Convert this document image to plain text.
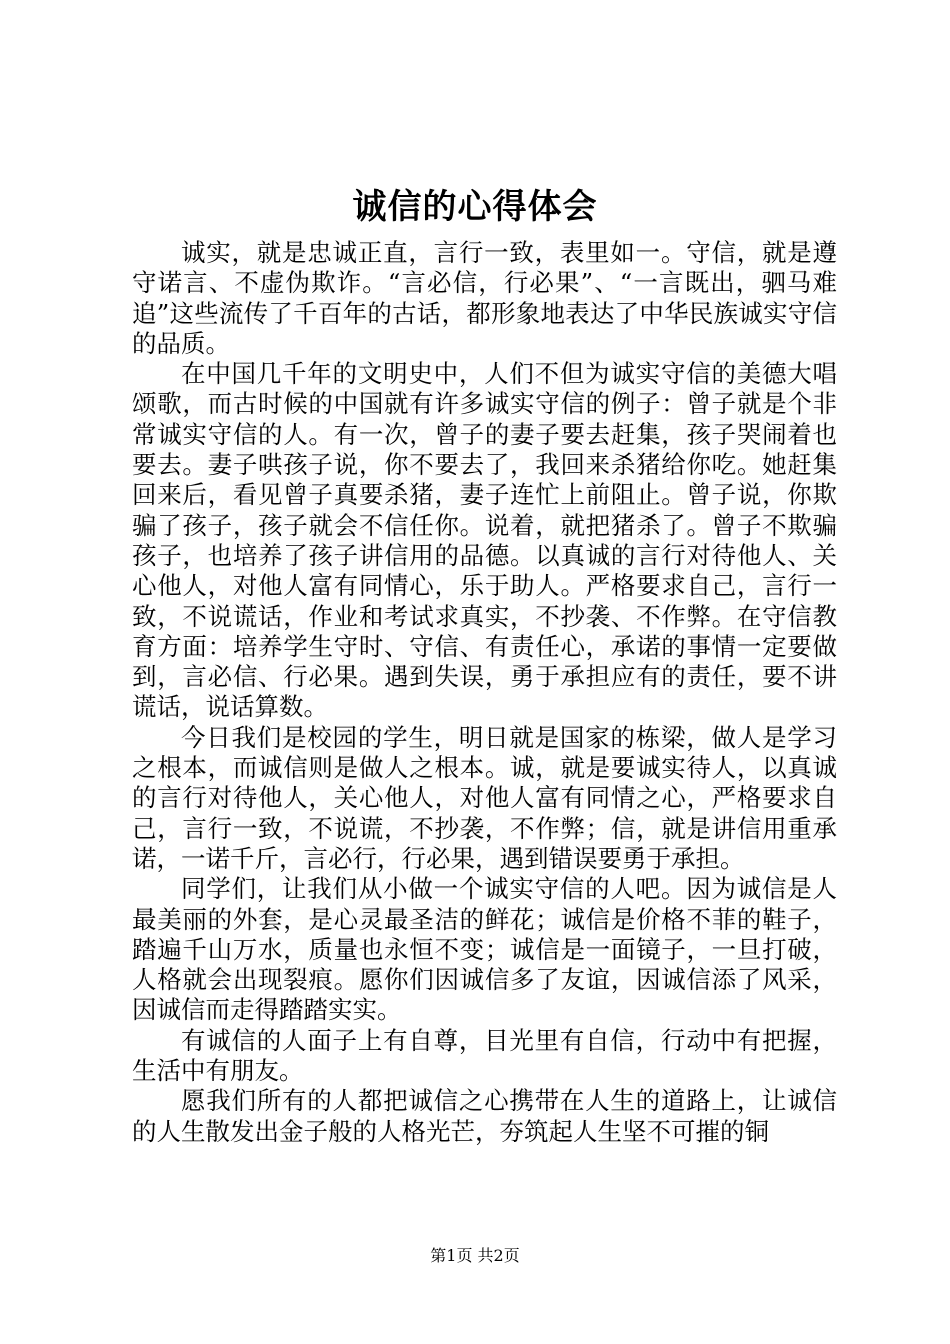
诚信的心得体会

诚实，就是忠诚正直，言行一致，表里如一。守信，就是遵守诺言、不虚伪欺诈。“言必信，行必果”、“一言既出，驷马难追”这些流传了千百年的古话，都形象地表达了中华民族诚实守信的品质。

在中国几千年的文明史中，人们不但为诚实守信的美德大唱颂歌，而古时候的中国就有许多诚实守信的例子：曾子就是个非常诚实守信的人。有一次，曾子的妻子要去赶集，孩子哭闹着也要去。妻子哄孩子说，你不要去了，我回来杀猪给你吃。她赶集回来后，看见曾子真要杀猪，妻子连忙上前阻止。曾子说，你欺骗了孩子，孩子就会不信任你。说着，就把猪杀了。曾子不欺骗孩子，也培养了孩子讲信用的品德。以真诚的言行对待他人、关心他人，对他人富有同情心，乐于助人。严格要求自己，言行一致，不说谎话，作业和考试求真实，不抄袭、不作弊。在守信教育方面：培养学生守时、守信、有责任心，承诺的事情一定要做到，言必信、行必果。遇到失误，勇于承担应有的责任，要不讲谎话，说话算数。

今日我们是校园的学生，明日就是国家的栋梁，做人是学习之根本，而诚信则是做人之根本。诚，就是要诚实待人，以真诚的言行对待他人，关心他人，对他人富有同情之心，严格要求自己，言行一致，不说谎，不抄袭，不作弊；信，就是讲信用重承诺，一诺千斤，言必行，行必果，遇到错误要勇于承担。

同学们，让我们从小做一个诚实守信的人吧。因为诚信是人最美丽的外套，是心灵最圣洁的鲜花；诚信是价格不菲的鞋子，踏遍千山万水，质量也永恒不变；诚信是一面镜子，一旦打破，人格就会出现裂痕。愿你们因诚信多了友谊，因诚信添了风采，因诚信而走得踏踏实实。

有诚信的人面子上有自尊，目光里有自信，行动中有把握，生活中有朋友。

愿我们所有的人都把诚信之心携带在人生的道路上，让诚信的人生散发出金子般的人格光芒，夯筑起人生坚不可摧的铜

第1页 共2页
